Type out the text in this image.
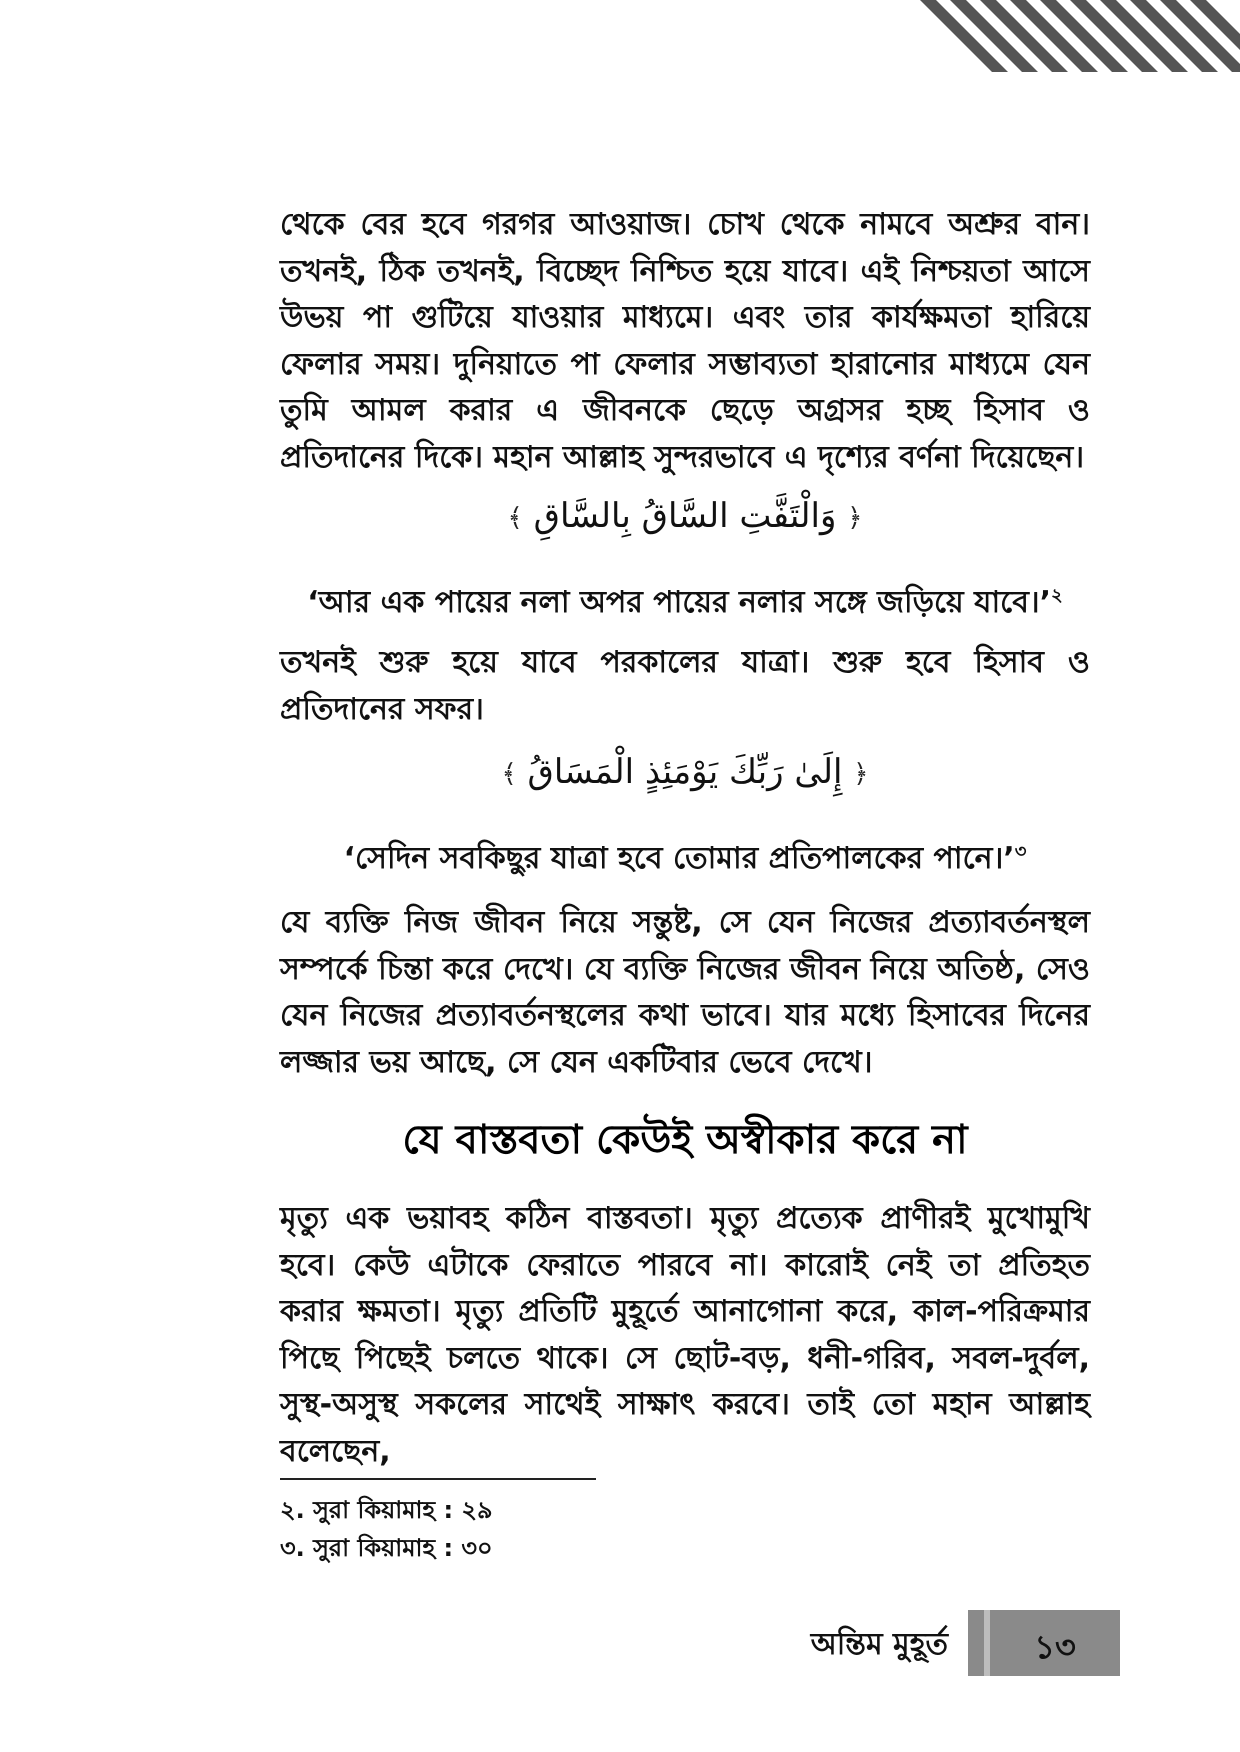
থেকে বের হবে গরগর আওয়াজ। চোখ থেকে নামবে অশ্রুর বান। তখনই, ঠিক তখনই, বিচ্ছেদ নিশ্চিত হয়ে যাবে। এই নিশ্চয়তা আসে উভয় পা গুটিয়ে যাওয়ার মাধ্যমে। এবং তার কার্যক্ষমতা হারিয়ে ফেলার সময়। দুনিয়াতে পা ফেলার সম্ভাব্যতা হারানোর মাধ্যমে যেন তুমি আমল করার এ জীবনকে ছেড়ে অগ্রসর হচ্ছ হিসাব ও প্রতিদানের দিকে। মহান আল্লাহ সুন্দরভাবে এ দৃশ্যের বর্ণনা দিয়েছেন।
﴾ وَالْتَفَّتِ السَّاقُ بِالسَّاقِ ﴿
‘আর এক পায়ের নলা অপর পায়ের নলার সঙ্গে জড়িয়ে যাবে।’$^২$
তখনই শুরু হয়ে যাবে পরকালের যাত্রা। শুরু হবে হিসাব ও প্রতিদানের সফর।
﴾ إِلَىٰ رَبِّكَ يَوْمَئِذٍ الْمَسَاقُ ﴿
‘সেদিন সবকিছুর যাত্রা হবে তোমার প্রতিপালকের পানে।’$^৩$
যে ব্যক্তি নিজ জীবন নিয়ে সন্তুষ্ট, সে যেন নিজের প্রত্যাবর্তনস্থল সম্পর্কে চিন্তা করে দেখে। যে ব্যক্তি নিজের জীবন নিয়ে অতিষ্ঠ, সেও যেন নিজের প্রত্যাবর্তনস্থলের কথা ভাবে। যার মধ্যে হিসাবের দিনের লজ্জার ভয় আছে, সে যেন একটিবার ভেবে দেখে।
যে বাস্তবতা কেউই অস্বীকার করে না
মৃত্যু এক ভয়াবহ কঠিন বাস্তবতা। মৃত্যু প্রত্যেক প্রাণীরই মুখোমুখি হবে। কেউ এটাকে ফেরাতে পারবে না। কারোই নেই তা প্রতিহত করার ক্ষমতা। মৃত্যু প্রতিটি মুহূর্তে আনাগোনা করে, কাল-পরিক্রমার পিছে পিছেই চলতে থাকে। সে ছোট-বড়, ধনী-গরিব, সবল-দুর্বল, সুস্থ-অসুস্থ সকলের সাথেই সাক্ষাৎ করবে। তাই তো মহান আল্লাহ বলেছেন,
২. সুরা কিয়ামাহ : ২৯
৩. সুরা কিয়ামাহ : ৩০
অন্তিম মুহূর্ত	১৩
